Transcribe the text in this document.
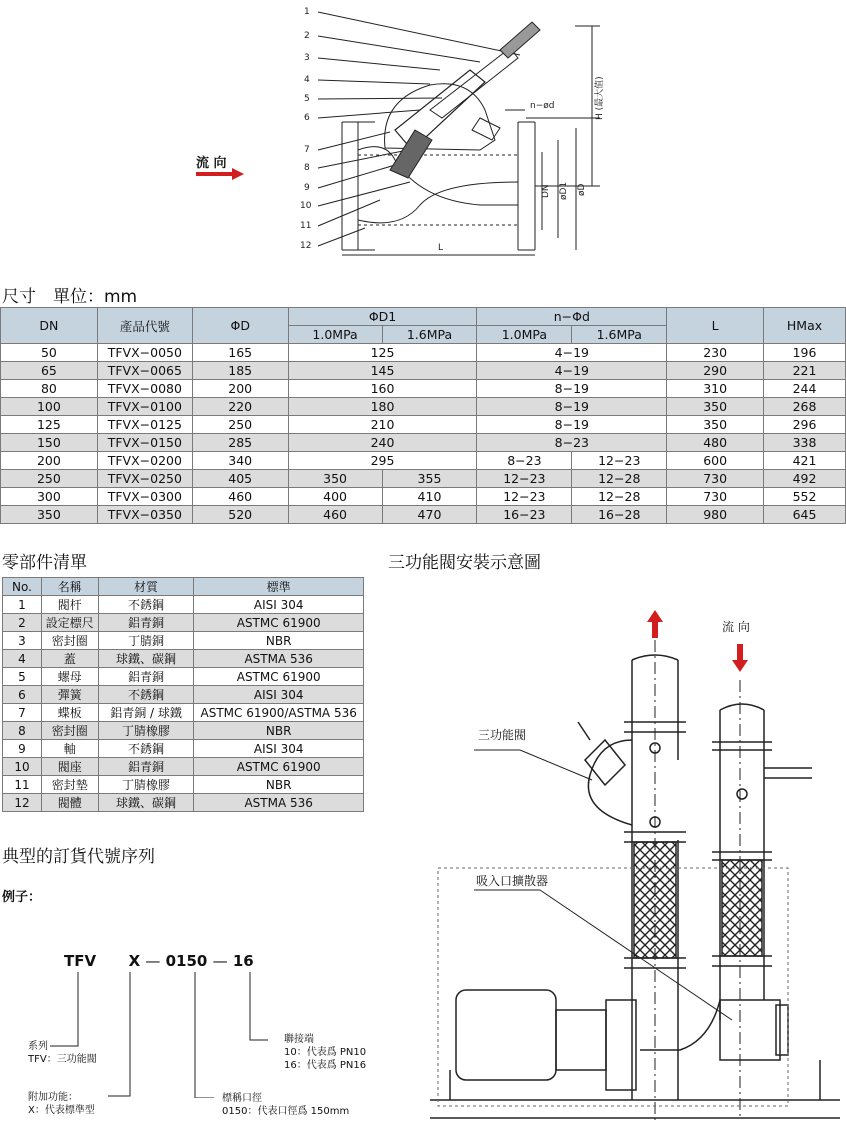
1
2
3
4
5
6
7
8
9
10
11
12
n−ød
L
DN øD1 øD
H (最大值)
流 向
尺寸　單位：mm
DN	產品代號	ΦD	ΦD1		n−Φd		L	HMax
			1.0MPa	1.6MPa	1.0MPa	1.6MPa		
50	TFVX−0050	165	125		4−19		230	196
65	TFVX−0065	185	145		4−19		290	221
80	TFVX−0080	200	160		8−19		310	244
100	TFVX−0100	220	180		8−19		350	268
125	TFVX−0125	250	210		8−19		350	296
150	TFVX−0150	285	240		8−23		480	338
200	TFVX−0200	340	295		8−23	12−23	600	421
250	TFVX−0250	405	350	355	12−23	12−28	730	492
300	TFVX−0300	460	400	410	12−23	12−28	730	552
350	TFVX−0350	520	460	470	16−23	16−28	980	645
零部件清單
No.	名稱	材質	標準
1	閥杆	不銹鋼	AISI 304
2	設定標尺	鋁青銅	ASTMC 61900
3	密封圈	丁腈銅	NBR
4	蓋	球鐵、碳鋼	ASTMA 536
5	螺母	鋁青銅	ASTMC 61900
6	彈簧	不銹鋼	AISI 304
7	蝶板	鋁青銅 / 球鐵	ASTMC 61900/ASTMA 536
8	密封圈	丁腈橡膠	NBR
9	軸	不銹鋼	AISI 304
10	閥座	鋁青銅	ASTMC 61900
11	密封墊	丁腈橡膠	NBR
12	閥體	球鐵、碳鋼	ASTMA 536
三功能閥安裝示意圖
流 向
三功能閥
吸入口擴散器
典型的訂貨代號序列
例子：
TFV X — 0150 — 16
系列
TFV：三功能閥
附加功能：
X：代表標準型
標稱口徑
0150：代表口徑爲 150mm
聯接端
10：代表爲 PN10
16：代表爲 PN16
